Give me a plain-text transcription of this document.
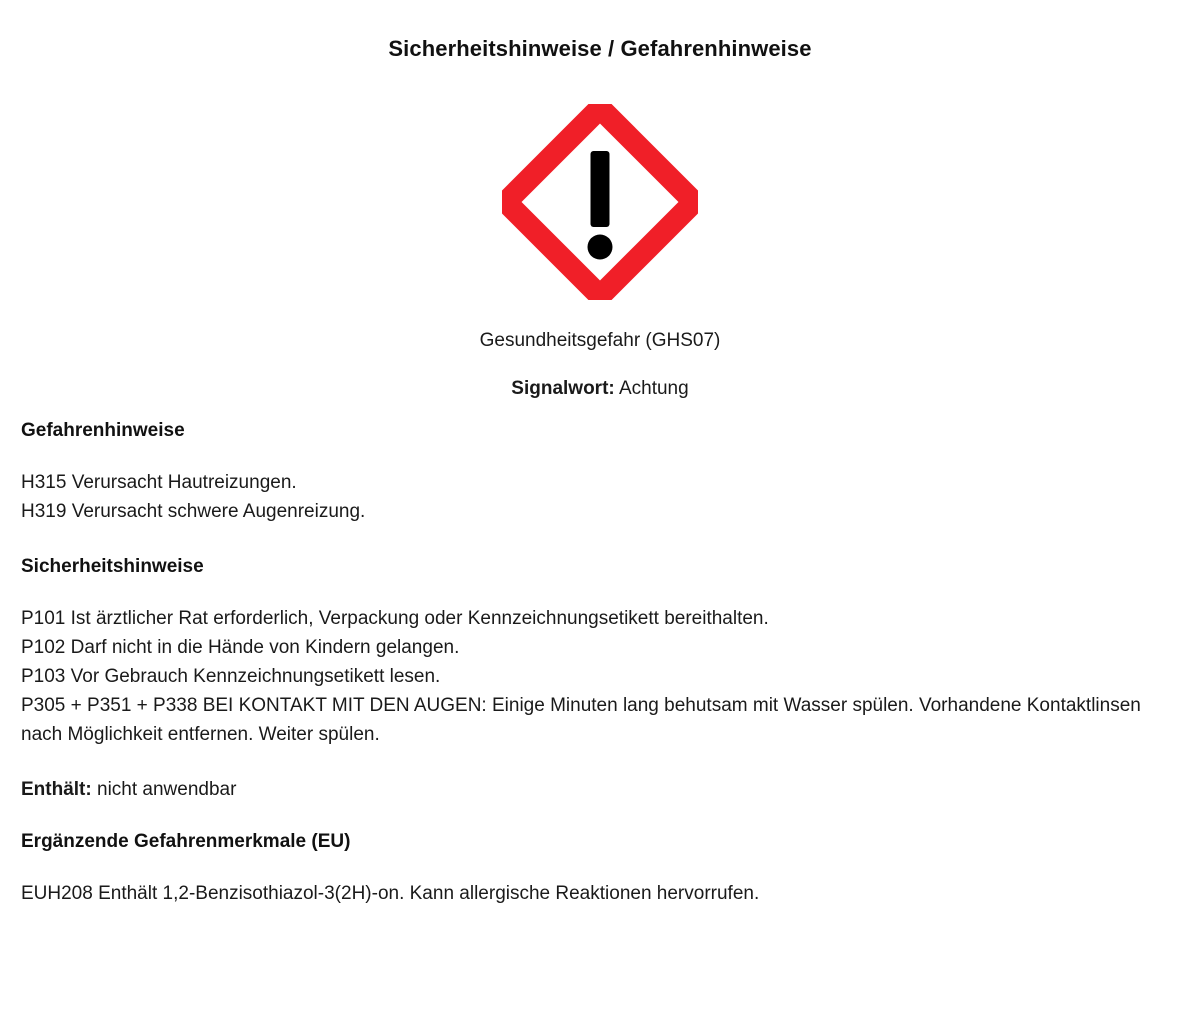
Sicherheitshinweise / Gefahrenhinweise
Gesundheitsgefahr (GHS07)
Signalwort: Achtung
Gefahrenhinweise
H315 Verursacht Hautreizungen.
H319 Verursacht schwere Augenreizung.
Sicherheitshinweise
P101 Ist ärztlicher Rat erforderlich, Verpackung oder Kennzeichnungsetikett bereithalten.
P102 Darf nicht in die Hände von Kindern gelangen.
P103 Vor Gebrauch Kennzeichnungsetikett lesen.
P305 + P351 + P338 BEI KONTAKT MIT DEN AUGEN: Einige Minuten lang behutsam mit Wasser spülen. Vorhandene Kontaktlinsen nach Möglichkeit entfernen. Weiter spülen.
Enthält: nicht anwendbar
Ergänzende Gefahrenmerkmale (EU)
EUH208 Enthält 1,2-Benzisothiazol-3(2H)-on. Kann allergische Reaktionen hervorrufen.
